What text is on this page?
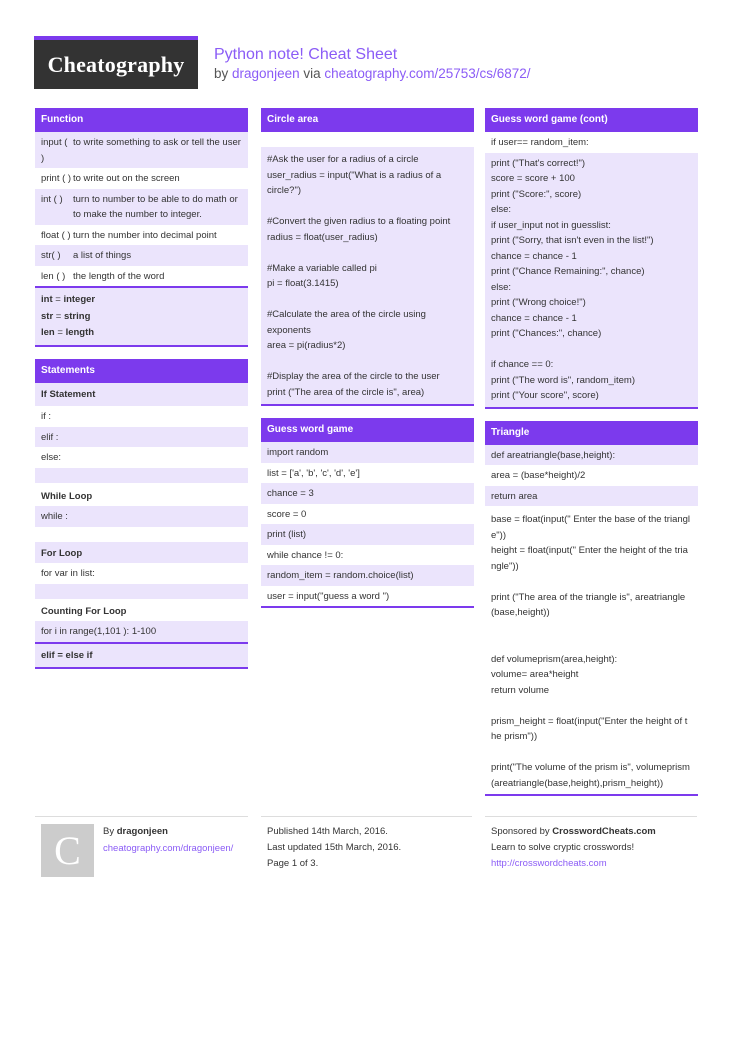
Cheatography Python note! Cheat Sheet
by dragonjeen via cheatography.com/25753/cs/6872/
Function
input ( )
to write something to ask or tell the user
print ( ) to write out on the screen
int ( )	turn to number to be able to do math or to make the number to integer.
float ( ) turn the number into decimal point
str( )	a list of things
len ( ) the length of the word
int = integer
str = string
len = length
Statements
If Statement
if :
elif :
else:
While Loop
while :
For Loop
for var in list:
Counting For Loop
for i in range(1,101 ): 1-100
elif = else if
Circle area
#Ask the user for a radius of a circle
user_radius = input("What is a radius of a circle?")

#Convert the given radius to a floating point
radius = float(user_radius)

#Make a variable called pi
pi = float(3.1415)

#Calculate the area of the circle using exponents
area = pi(radius*2)

#Display the area of the circle to the user
print ("The area of the circle is", area)
Guess word game
import random
list = ['a', 'b', 'c', 'd', 'e']
chance = 3
score = 0
print (list)
while chance != 0:
random_item = random.choice(list)
user = input("guess a word ")
Guess word game (cont)
if user== random_item:
print ("That's correct!")
score = score + 100
print ("Score:", score)
else:
if user_input not in guesslist:
print ("Sorry, that isn't even in the list!")
chance = chance - 1
print ("Chance Remaining:", chance)
else:
print ("Wrong choice!")
chance = chance - 1
print ("Chances:", chance)

if chance == 0:
print ("The word is", random_item)
print ("Your score", score)
Triangle
def areatriangle(base,height):
area = (base*height)/2
return area
base = float(input(" Enter the base of the triangle"))
height = float(input(" Enter the height of the triangle"))

print ("The area of the triangle is", areatriangle(base,height))

def volumeprism(area,height):
volume= area*height
return volume

prism_height = float(input("Enter the height of the prism"))

print("The volume of the prism is", volumeprism(areatriangle(base,height),prism_height))
C By dragonjeen
cheatography.com/dragonjeen/
Published 14th March, 2016.
Last updated 15th March, 2016.
Page 1 of 3.
Sponsored by CrosswordCheats.com
Learn to solve cryptic crosswords!
http://crosswordcheats.com
